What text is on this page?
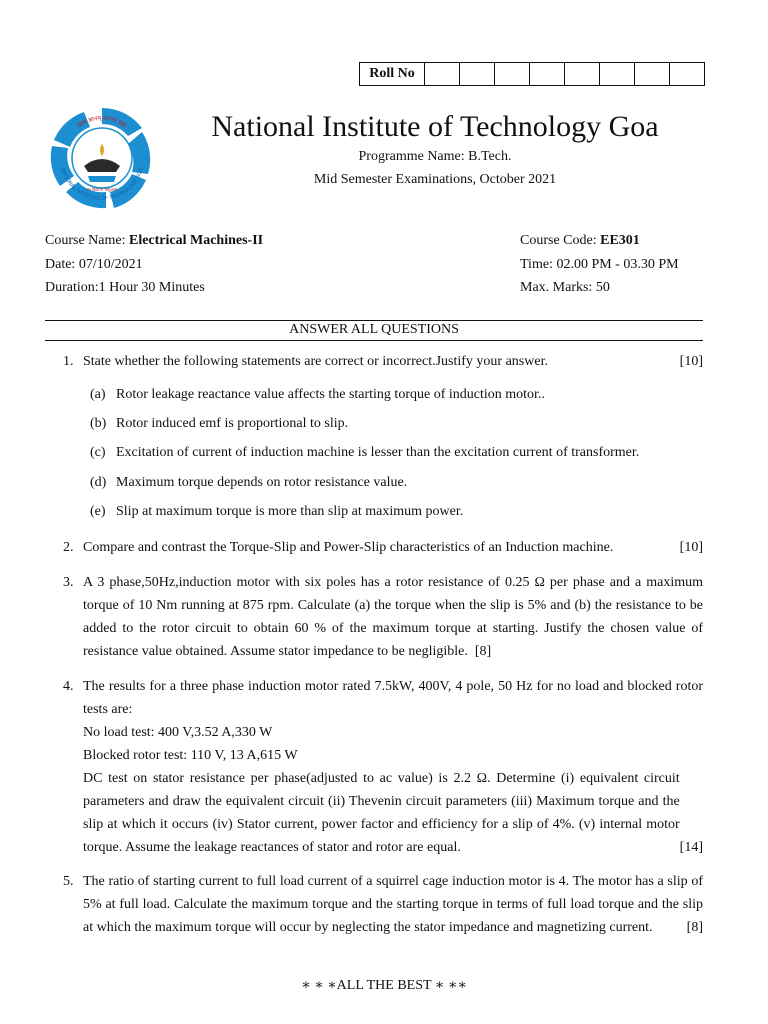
Roll No								
सत्यं ज्ञानम् अनन्तं ब्रह्म
NATIONAL INSTITUTE OF TECHNOLOGY GOA
सा विद्या या विमुक्तये
National Institute of Technology Goa
Programme Name: B.Tech.
Mid Semester Examinations, October 2021
Course Name: Electrical Machines-II
Date: 07/10/2021
Duration:1 Hour 30 Minutes
Course Code: EE301
Time: 02.00 PM - 03.30 PM
Max. Marks: 50
ANSWER ALL QUESTIONS
1.	[10]
State whether the following statements are correct or incorrect.Justify your answer.
(a) Rotor leakage reactance value affects the starting torque of induction motor..
(b) Rotor induced emf is proportional to slip.
(c) Excitation of current of induction machine is lesser than the excitation current of transformer.
(d) Maximum torque depends on rotor resistance value.
(e) Slip at maximum torque is more than slip at maximum power.
2.	[10]
Compare and contrast the Torque-Slip and Power-Slip characteristics of an Induction machine.
3. A 3 phase,50Hz,induction motor with six poles has a rotor resistance of 0.25 Ω per phase and a maximum torque of 10 Nm running at 875 rpm. Calculate (a) the torque when the slip is 5% and (b) the resistance to be added to the rotor circuit to obtain 60 % of the maximum torque at starting. Justify the chosen value of resistance value obtained. Assume stator impedance to be negligible. [8]
4. The results for a three phase induction motor rated 7.5kW, 400V, 4 pole, 50 Hz for no load and blocked rotor tests are:
No load test: 400 V,3.52 A,330 W
Blocked rotor test: 110 V, 13 A,615 W
[14]
DC test on stator resistance per phase(adjusted to ac value) is 2.2 Ω. Determine (i) equivalent circuit parameters and draw the equivalent circuit (ii) Thevenin circuit parameters (iii) Maximum torque and the slip at which it occurs (iv) Stator current, power factor and efficiency for a slip of 4%. (v) internal motor torque. Assume the leakage reactances of stator and rotor are equal.
5. The ratio of starting current to full load current of a squirrel cage induction motor is 4. The motor has a slip of 5% at full load. Calculate the maximum torque and the starting torque in terms of full load torque and the slip at which the maximum torque will occur by neglecting the stator impedance and magnetizing current. [8]
∗ ∗ ∗ALL THE BEST ∗ ∗∗
